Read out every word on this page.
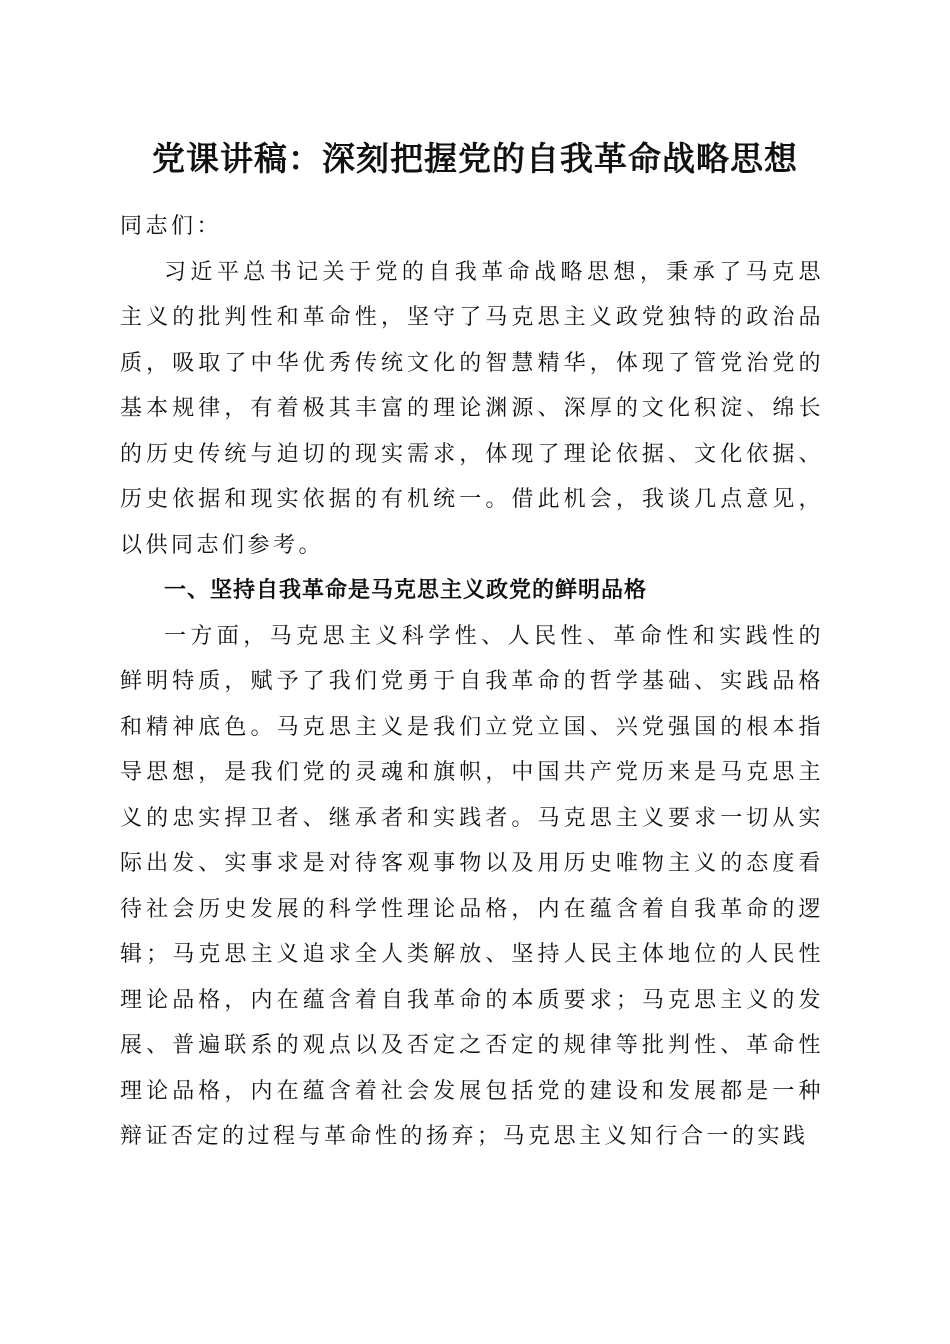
党课讲稿：深刻把握党的自我革命战略思想

同志们：

习近平总书记关于党的自我革命战略思想，秉承了马克思主义的批判性和革命性，坚守了马克思主义政党独特的政治品质，吸取了中华优秀传统文化的智慧精华，体现了管党治党的基本规律，有着极其丰富的理论渊源、深厚的文化积淀、绵长的历史传统与迫切的现实需求，体现了理论依据、文化依据、历史依据和现实依据的有机统一。借此机会，我谈几点意见，以供同志们参考。

一、坚持自我革命是马克思主义政党的鲜明品格

一方面，马克思主义科学性、人民性、革命性和实践性的鲜明特质，赋予了我们党勇于自我革命的哲学基础、实践品格和精神底色。马克思主义是我们立党立国、兴党强国的根本指导思想，是我们党的灵魂和旗帜，中国共产党历来是马克思主义的忠实捍卫者、继承者和实践者。马克思主义要求一切从实际出发、实事求是对待客观事物以及用历史唯物主义的态度看待社会历史发展的科学性理论品格，内在蕴含着自我革命的逻辑；马克思主义追求全人类解放、坚持人民主体地位的人民性理论品格，内在蕴含着自我革命的本质要求；马克思主义的发展、普遍联系的观点以及否定之否定的规律等批判性、革命性理论品格，内在蕴含着社会发展包括党的建设和发展都是一种辩证否定的过程与革命性的扬弃；马克思主义知行合一的实践
